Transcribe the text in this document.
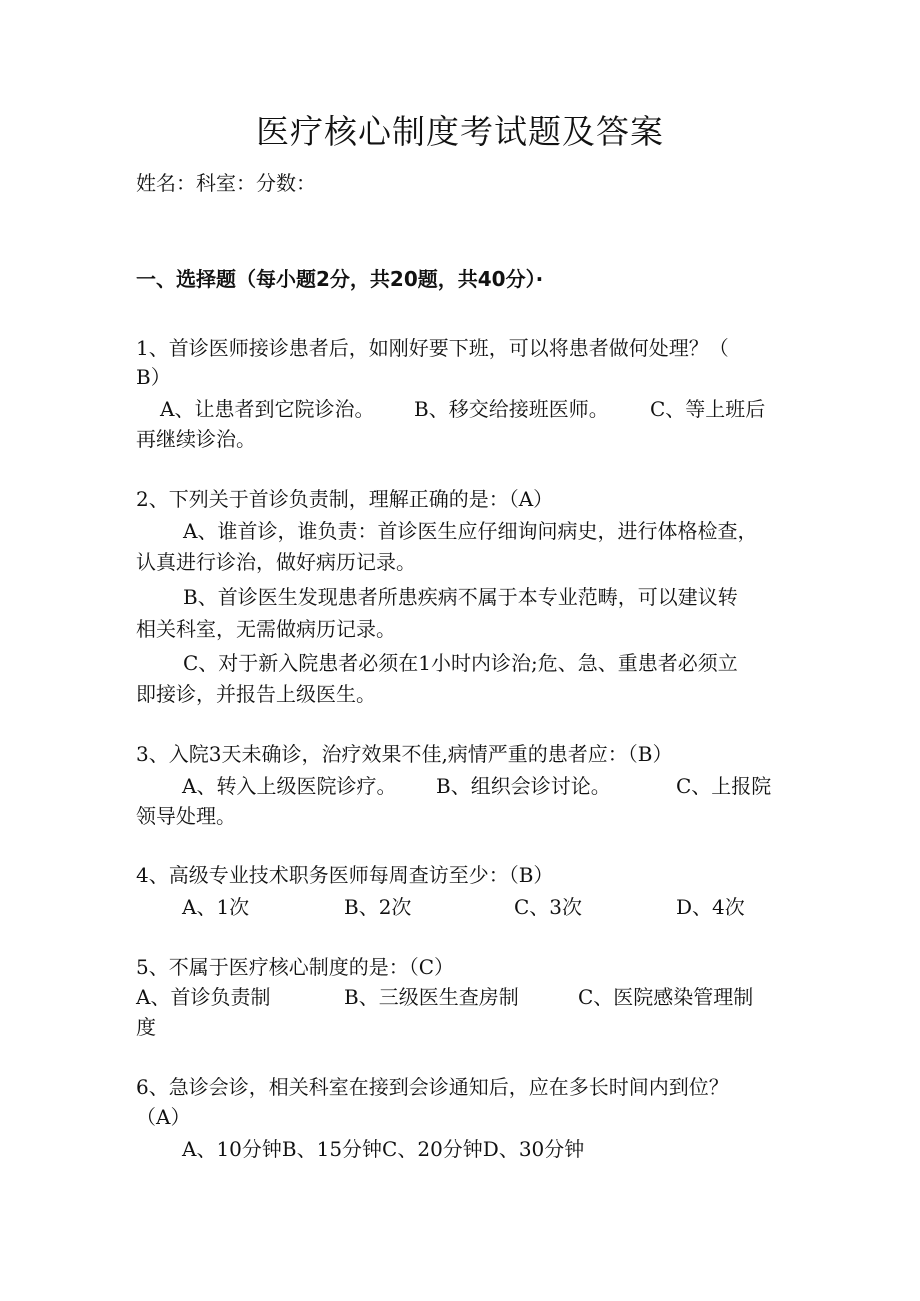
医疗核心制度考试题及答案
姓名：科室：分数：
一、选择题（每小题2分，共20题，共40分）·
1、首诊医师接诊患者后，如刚好要下班，可以将患者做何处理？（
B）
A、让患者到它院诊治。 B、移交给接班医师。 C、等上班后
再继续诊治。
2、下列关于首诊负责制，理解正确的是：（A）
A、谁首诊，谁负责：首诊医生应仔细询问病史，进行体格检查，
认真进行诊治，做好病历记录。
B、首诊医生发现患者所患疾病不属于本专业范畴，可以建议转
相关科室，无需做病历记录。
C、对于新入院患者必须在1小时内诊治;危、急、重患者必须立
即接诊，并报告上级医生。
3、入院3天未确诊，治疗效果不佳,病情严重的患者应：（B）
A、转入上级医院诊疗。 B、组织会诊讨论。	C、上报院
领导处理。
4、高级专业技术职务医师每周查访至少：（B）
A、1次	B、2次	C、3次	D、4次
5、不属于医疗核心制度的是：（C）
A、首诊负责制	B、三级医生查房制	C、医院感染管理制
度
6、急诊会诊，相关科室在接到会诊通知后，应在多长时间内到位？
（A）
A、10分钟B、15分钟C、20分钟D、30分钟
